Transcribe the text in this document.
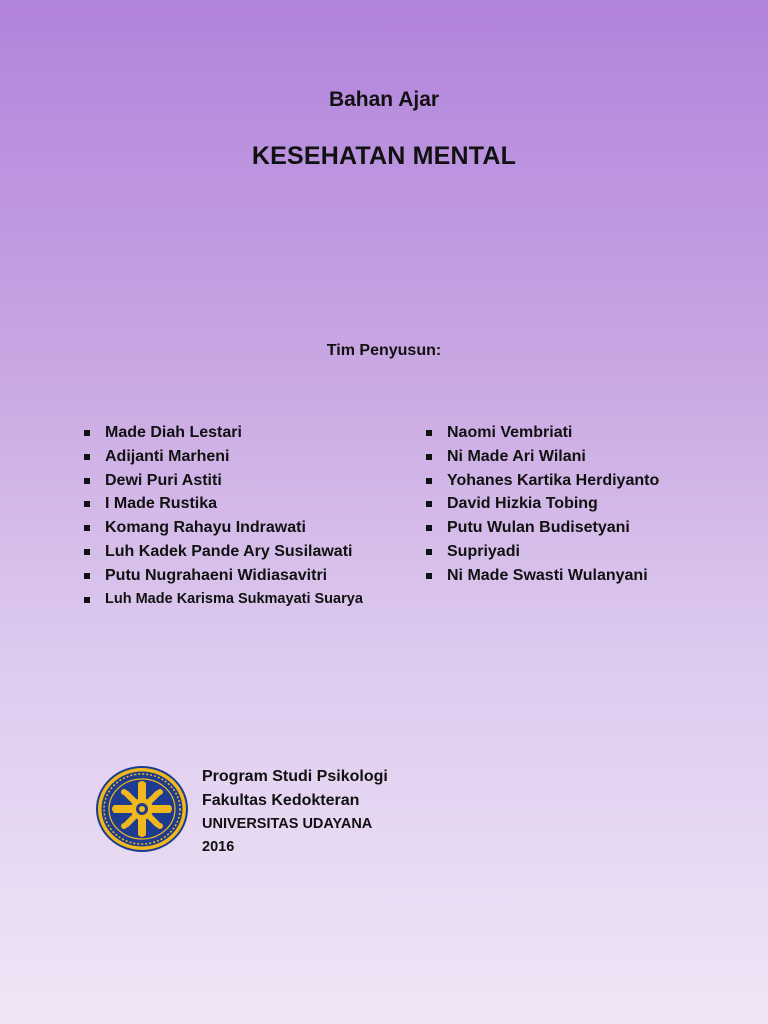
Bahan Ajar
KESEHATAN MENTAL
Tim Penyusun:
Made Diah Lestari
Adijanti Marheni
Dewi Puri Astiti
I Made Rustika
Komang Rahayu Indrawati
Luh Kadek Pande Ary Susilawati
Putu Nugrahaeni Widiasavitri
Luh Made Karisma Sukmayati Suarya
Naomi Vembriati
Ni Made Ari Wilani
Yohanes Kartika Herdiyanto
David Hizkia Tobing
Putu Wulan Budisetyani
Supriyadi
Ni Made Swasti Wulanyani
Program Studi Psikologi
Fakultas Kedokteran
UNIVERSITAS UDAYANA
2016
